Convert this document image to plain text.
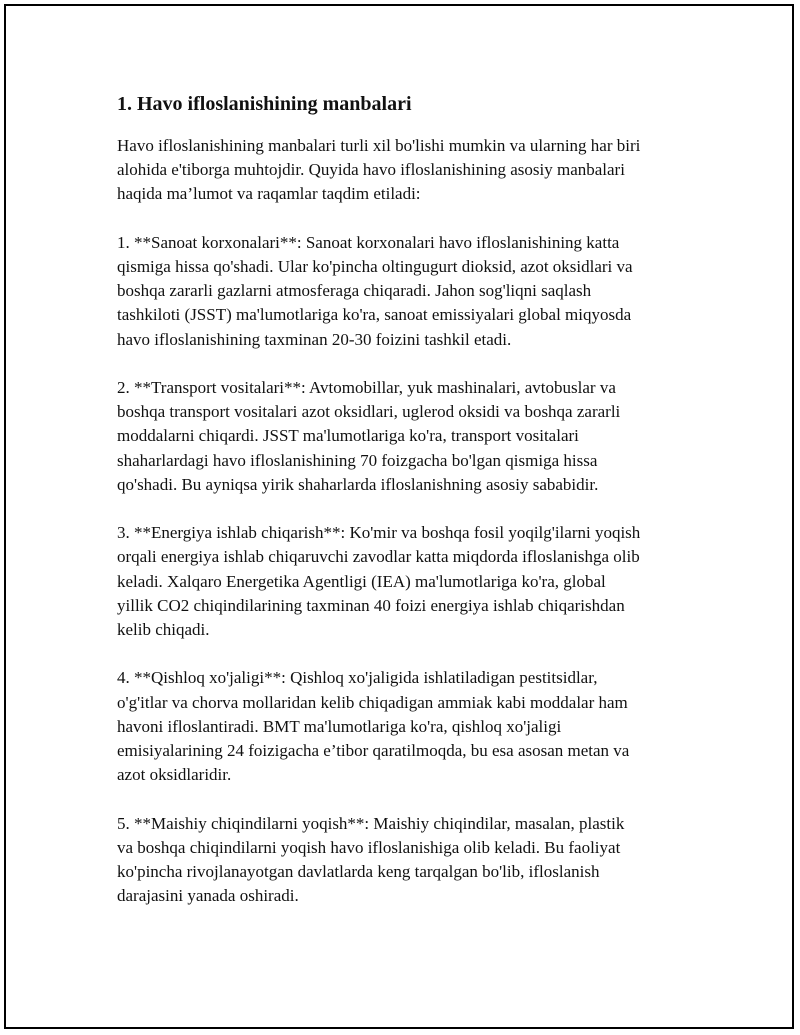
1. Havo ifloslanishining manbalari

Havo ifloslanishining manbalari turli xil bo'lishi mumkin va ularning har biri
alohida e'tiborga muhtojdir. Quyida havo ifloslanishining asosiy manbalari
haqida ma’lumot va raqamlar taqdim etiladi:

1. **Sanoat korxonalari**: Sanoat korxonalari havo ifloslanishining katta
qismiga hissa qo'shadi. Ular ko'pincha oltingugurt dioksid, azot oksidlari va
boshqa zararli gazlarni atmosferaga chiqaradi. Jahon sog'liqni saqlash
tashkiloti (JSST) ma'lumotlariga ko'ra, sanoat emissiyalari global miqyosda
havo ifloslanishining taxminan 20-30 foizini tashkil etadi.

2. **Transport vositalari**: Avtomobillar, yuk mashinalari, avtobuslar va
boshqa transport vositalari azot oksidlari, uglerod oksidi va boshqa zararli
moddalarni chiqardi. JSST ma'lumotlariga ko'ra, transport vositalari
shaharlardagi havo ifloslanishining 70 foizgacha bo'lgan qismiga hissa
qo'shadi. Bu ayniqsa yirik shaharlarda ifloslanishning asosiy sababidir.

3. **Energiya ishlab chiqarish**: Ko'mir va boshqa fosil yoqilg'ilarni yoqish
orqali energiya ishlab chiqaruvchi zavodlar katta miqdorda ifloslanishga olib
keladi. Xalqaro Energetika Agentligi (IEA) ma'lumotlariga ko'ra, global
yillik CO2 chiqindilarining taxminan 40 foizi energiya ishlab chiqarishdan
kelib chiqadi.

4. **Qishloq xo'jaligi**: Qishloq xo'jaligida ishlatiladigan pestitsidlar,
o'g'itlar va chorva mollaridan kelib chiqadigan ammiak kabi moddalar ham
havoni ifloslantiradi. BMT ma'lumotlariga ko'ra, qishloq xo'jaligi
emisiyalarining 24 foizigacha e’tibor qaratilmoqda, bu esa asosan metan va
azot oksidlaridir.

5. **Maishiy chiqindilarni yoqish**: Maishiy chiqindilar, masalan, plastik
va boshqa chiqindilarni yoqish havo ifloslanishiga olib keladi. Bu faoliyat
ko'pincha rivojlanayotgan davlatlarda keng tarqalgan bo'lib, ifloslanish
darajasini yanada oshiradi.
